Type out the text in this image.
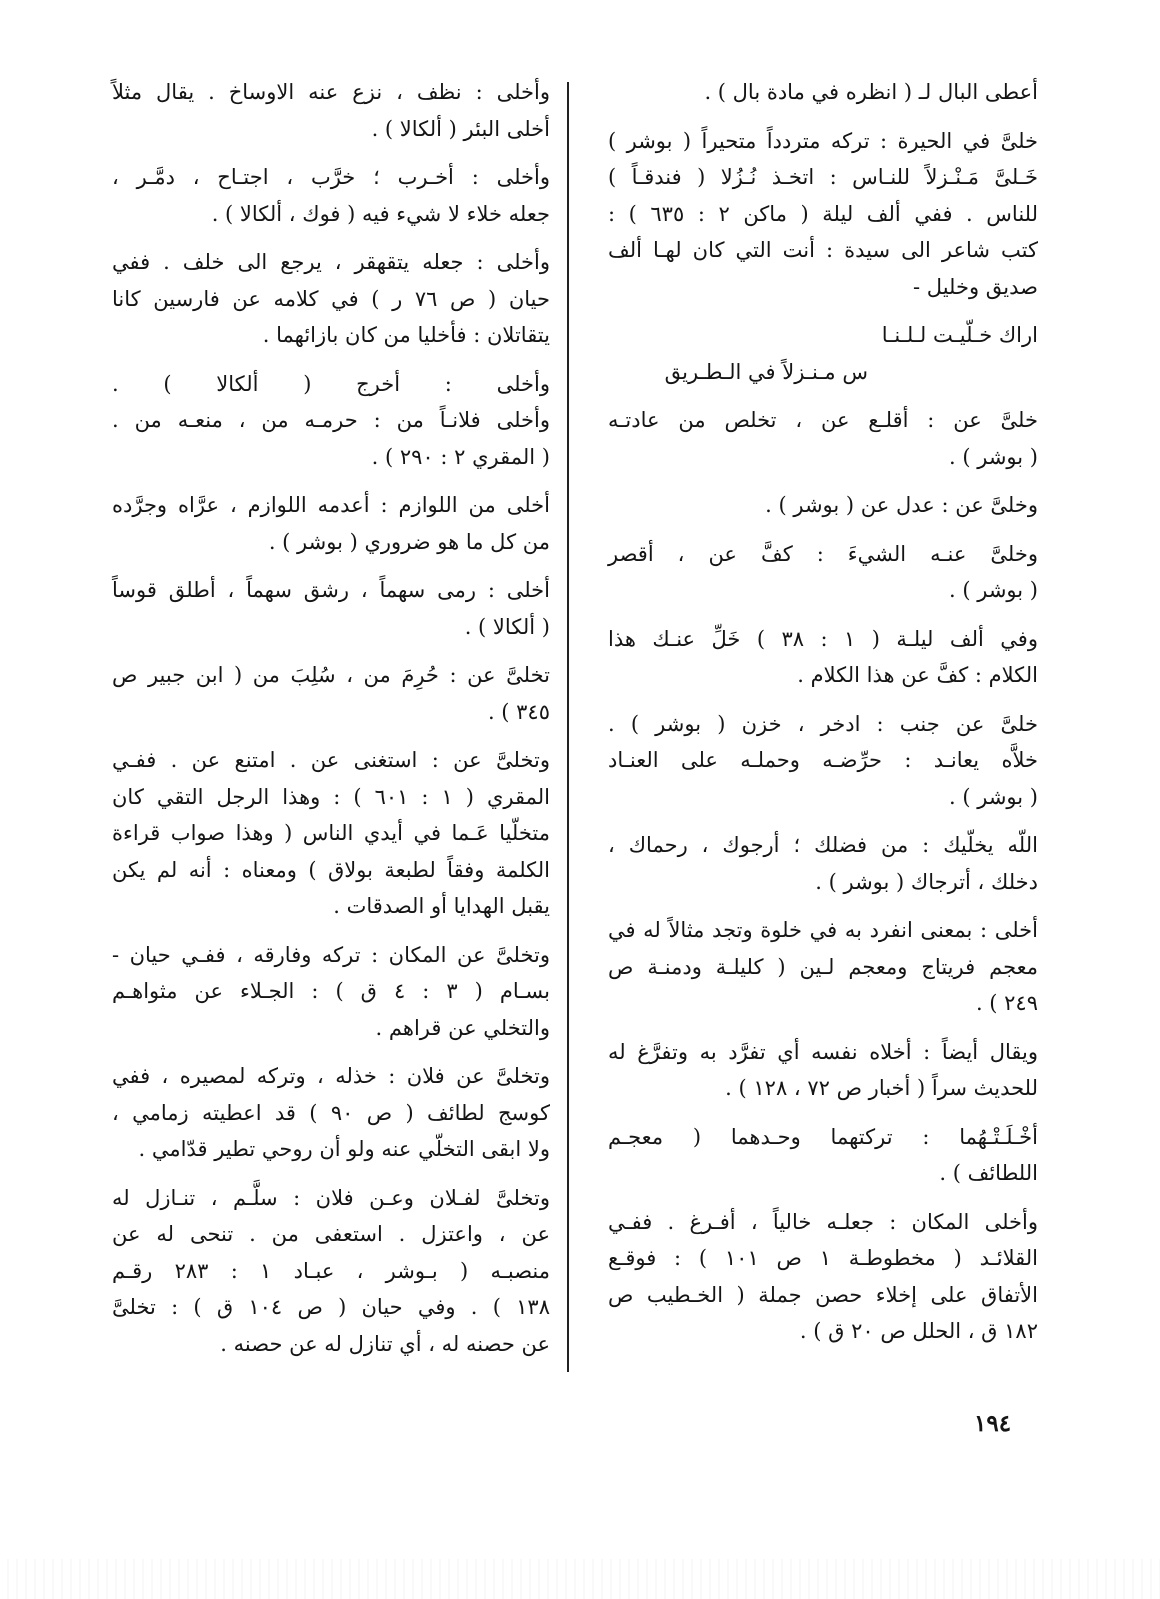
أعطى البال لـ ( انظره في مادة بال ) .
خلىَّ في الحيرة : تركه متردداً متحيراً ( بوشر )
خَـلىَّ مَـنْـزلاً للنـاس : اتخـذ نُـزُلا ( فندقـاً )
للناس . ففي ألف ليلة ( ماكن ٢ : ٦٣٥ ) :
كتب شاعر الى سيدة : أنت التي كان لهـا ألف
صديق وخليل -
اراك خـلّيـت لـلـنـا
س مـنـزلاً في الـطـريق
خلىَّ عن : أقلـع عن ، تخلص من عادتـه
( بوشر ) .
وخلىَّ عن : عدل عن ( بوشر ) .
وخلىَّ عنـه الشيءَ : كفَّ عن ، أقصر
( بوشر ) .
وفي ألف ليلـة ( ١ : ٣٨ ) خَلِّ عنـك هذا
الكلام : كفَّ عن هذا الكلام .
خلىَّ عن جنب : ادخر ، خزن ( بوشر ) .
خلاَّه يعانـد : حرِّضـه وحملـه على العنـاد
( بوشر ) .
اللّه يخلّيك : من فضلك ؛ أرجوك ، رحماك ،
دخلك ، أترجاك ( بوشر ) .
أخلى : بمعنى انفرد به في خلوة وتجد مثالاً له في
معجم فريتاج ومعجم لـين ( كليلـة ودمنـة ص
٢٤٩ ) .
ويقال أيضاً : أخلاه نفسه أي تفرَّد به وتفرَّغ له
للحديث سراً ( أخبار ص ٧٢ ، ١٢٨ ) .
أخْـلَـتْـهُما : تركتهما وحـدهما ( معجـم
اللطائف ) .
وأخلى المكان : جعلـه خالياً ، أفـرغ . ففـي
القلائـد ( مخطوطـة ١ ص ١٠١ ) : فوقـع
الأتفاق على إخلاء حصن جملة ( الخـطيب ص
١٨٢ ق ، الحلل ص ٢٠ ق ) .
وأخلى : نظف ، نزع عنه الاوساخ . يقال مثلاً
أخلى البئر ( ألكالا ) .
وأخلى : أخـرب ؛ خرَّب ، اجتـاح ، دمَّـر ،
جعله خلاء لا شيء فيه ( فوك ، ألكالا ) .
وأخلى : جعله يتقهقر ، يرجع الى خلف . ففي
حيان ( ص ٧٦ ر ) في كلامه عن فارسين كانا
يتقاتلان : فأخليا من كان بازائهما .
وأخلى : أخرج ( ألكالا ) .
وأخلى فلانـاً من : حرمـه من ، منعـه من .
( المقري ٢ : ٢٩٠ ) .
أخلى من اللوازم : أعدمه اللوازم ، عرَّاه وجرَّده
من كل ما هو ضروري ( بوشر ) .
أخلى : رمى سهماً ، رشق سهماً ، أطلق قوساً
( ألكالا ) .
تخلىَّ عن : حُرِمَ من ، سُلِبَ من ( ابن جبير ص
٣٤٥ ) .
وتخلىَّ عن : استغنى عن . امتنع عن . ففـي
المقري ( ١ : ٦٠١ ) : وهذا الرجل التقي كان
متخلّيا عَـما في أيدي الناس ( وهذا صواب قراءة
الكلمة وفقاً لطبعة بولاق ) ومعناه : أنه لم يكن
يقبل الهدايا أو الصدقات .
وتخلىَّ عن المكان : تركه وفارقه ، ففـي حيان -
بسـام ( ٣ : ٤ ق ) : الجـلاء عن مثواهـم
والتخلي عن قراهم .
وتخلىَّ عن فلان : خذله ، وتركه لمصيره ، ففي
كوسج لطائف ( ص ٩٠ ) قد اعطيته زمامي ،
ولا ابقى التخلّي عنه ولو أن روحي تطير قدّامي .
وتخلىَّ لفـلان وعـن فلان : سلَّـم ، تنـازل له
عن ، واعتزل . استعفى من . تنحى له عن
منصبـه ( بـوشر ، عبـاد ١ : ٢٨٣ رقـم
١٣٨ ) . وفي حيان ( ص ١٠٤ ق ) : تخلىَّ
عن حصنه له ، أي تنازل له عن حصنه .
١٩٤
